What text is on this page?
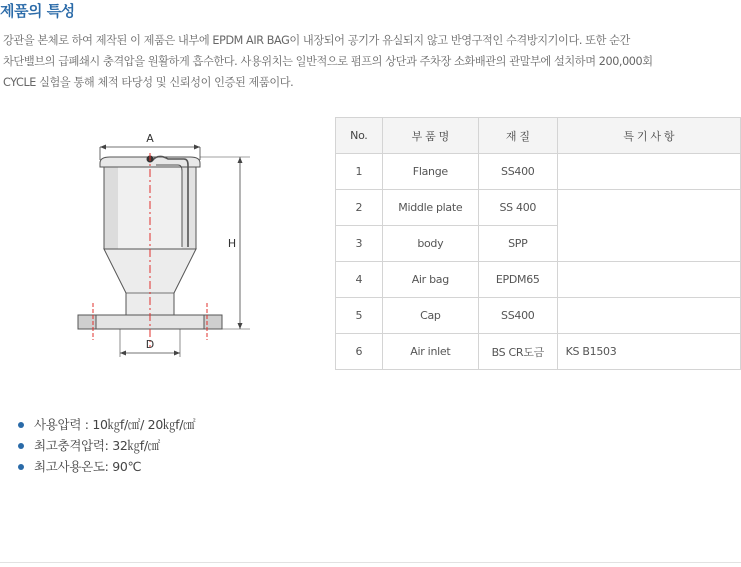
제품의 특성
강관을 본체로 하여 제작된 이 제품은 내부에 EPDM AIR BAG이 내장되어 공기가 유실되지 않고 반영구적인 수격방지기이다. 또한 순간
차단밸브의 급폐쇄시 충격압을 원활하게 흡수한다. 사용위치는 일반적으로 펌프의 상단과 주차장 소화배관의 관말부에 설치하며 200,000회
CYCLE 실험을 통해 체적 타당성 및 신뢰성이 인증된 제품이다.
A
H
D
No.	부 품 명	재 질	특 기 사 항
1	Flange	SS400	
2	Middle plate	SS 400	
3	body	SPP	
4	Air bag	EPDM65	
5	Cap	SS400	
6	Air inlet	BS CR도금	KS B1503
사용압력 : 10㎏f/㎠/ 20㎏f/㎠
최고충격압력: 32㎏f/㎠
최고사용온도: 90℃
